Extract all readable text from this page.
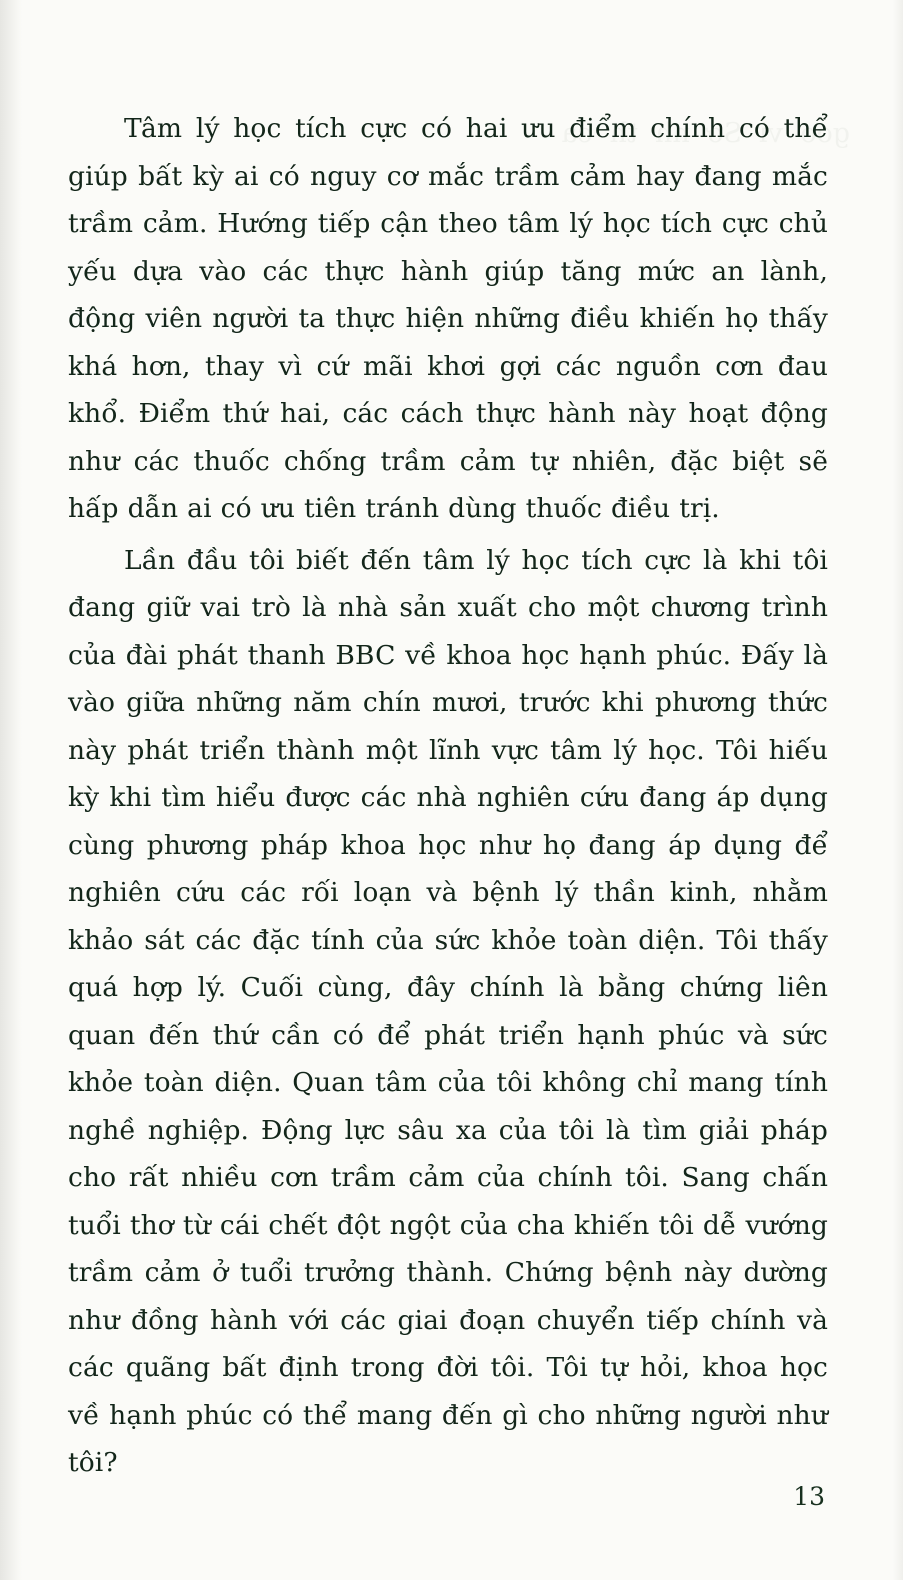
Tâm lý học tích cực có hai ưu điểm chính có thể giúp bất kỳ ai có nguy cơ mắc trầm cảm hay đang mắc trầm cảm. Hướng tiếp cận theo tâm lý học tích cực chủ yếu dựa vào các thực hành giúp tăng mức an lành, động viên người ta thực hiện những điều khiến họ thấy khá hơn, thay vì cứ mãi khơi gợi các nguồn cơn đau khổ. Điểm thứ hai, các cách thực hành này hoạt động như các thuốc chống trầm cảm tự nhiên, đặc biệt sẽ hấp dẫn ai có ưu tiên tránh dùng thuốc điều trị.

Lần đầu tôi biết đến tâm lý học tích cực là khi tôi đang giữ vai trò là nhà sản xuất cho một chương trình của đài phát thanh BBC về khoa học hạnh phúc. Đấy là vào giữa những năm chín mươi, trước khi phương thức này phát triển thành một lĩnh vực tâm lý học. Tôi hiếu kỳ khi tìm hiểu được các nhà nghiên cứu đang áp dụng cùng phương pháp khoa học như họ đang áp dụng để nghiên cứu các rối loạn và bệnh lý thần kinh, nhằm khảo sát các đặc tính của sức khỏe toàn diện. Tôi thấy quá hợp lý. Cuối cùng, đây chính là bằng chứng liên quan đến thứ cần có để phát triển hạnh phúc và sức khỏe toàn diện. Quan tâm của tôi không chỉ mang tính nghề nghiệp. Động lực sâu xa của tôi là tìm giải pháp cho rất nhiều cơn trầm cảm của chính tôi. Sang chấn tuổi thơ từ cái chết đột ngột của cha khiến tôi dễ vướng trầm cảm ở tuổi trưởng thành. Chứng bệnh này dường như đồng hành với các giai đoạn chuyển tiếp chính và các quãng bất định trong đời tôi. Tôi tự hỏi, khoa học về hạnh phúc có thể mang đến gì cho những người như tôi?

13
